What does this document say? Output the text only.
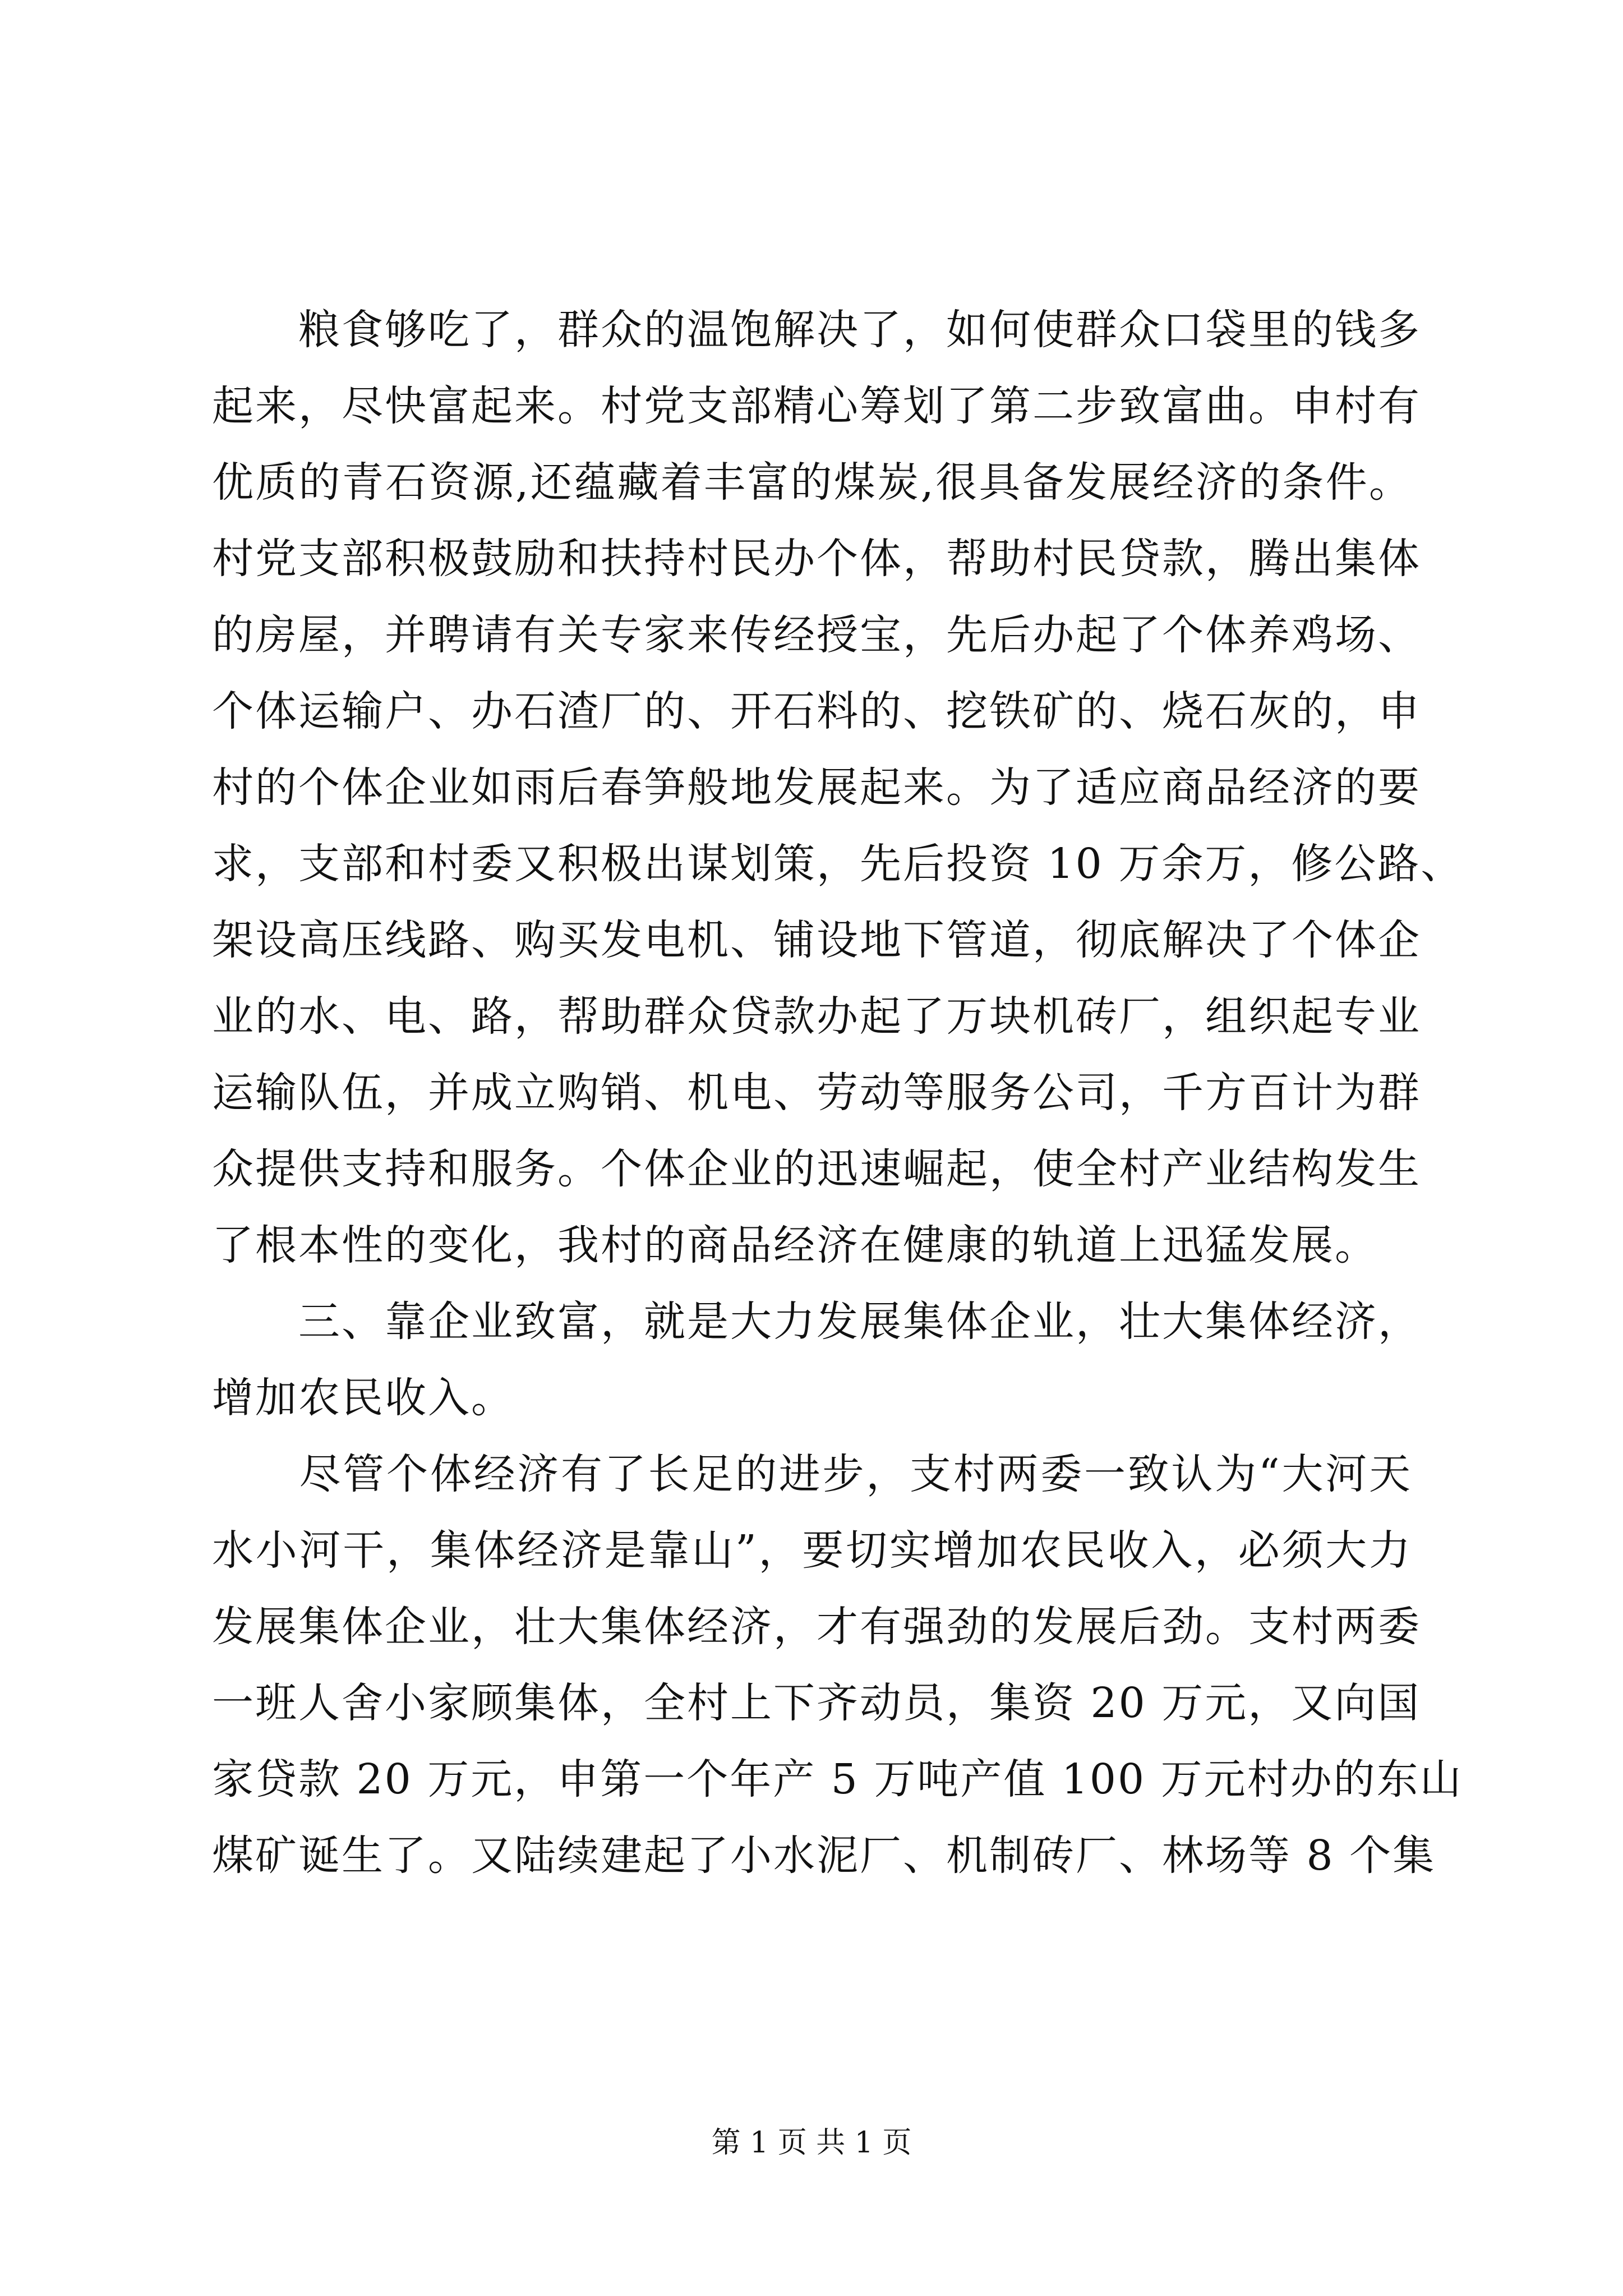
　　粮食够吃了，群众的温饱解决了，如何使群众口袋里的钱多
起来，尽快富起来。村党支部精心筹划了第二步致富曲。申村有
优质的青石资源,还蕴藏着丰富的煤炭,很具备发展经济的条件。
村党支部积极鼓励和扶持村民办个体，帮助村民贷款，腾出集体
的房屋，并聘请有关专家来传经授宝，先后办起了个体养鸡场、
个体运输户、办石渣厂的、开石料的、挖铁矿的、烧石灰的，申
村的个体企业如雨后春笋般地发展起来。为了适应商品经济的要
求，支部和村委又积极出谋划策，先后投资 10 万余万，修公路、
架设高压线路、购买发电机、铺设地下管道，彻底解决了个体企
业的水、电、路，帮助群众贷款办起了万块机砖厂，组织起专业
运输队伍，并成立购销、机电、劳动等服务公司，千方百计为群
众提供支持和服务。个体企业的迅速崛起，使全村产业结构发生
了根本性的变化，我村的商品经济在健康的轨道上迅猛发展。
　　三、靠企业致富，就是大力发展集体企业，壮大集体经济，
增加农民收入。
　　尽管个体经济有了长足的进步，支村两委一致认为“大河天
水小河干，集体经济是靠山”，要切实增加农民收入，必须大力
发展集体企业，壮大集体经济，才有强劲的发展后劲。支村两委
一班人舍小家顾集体，全村上下齐动员，集资 20 万元，又向国
家贷款 20 万元，申第一个年产 5 万吨产值 100 万元村办的东山
煤矿诞生了。又陆续建起了小水泥厂、机制砖厂、林场等 8 个集
第 1 页 共 1 页
